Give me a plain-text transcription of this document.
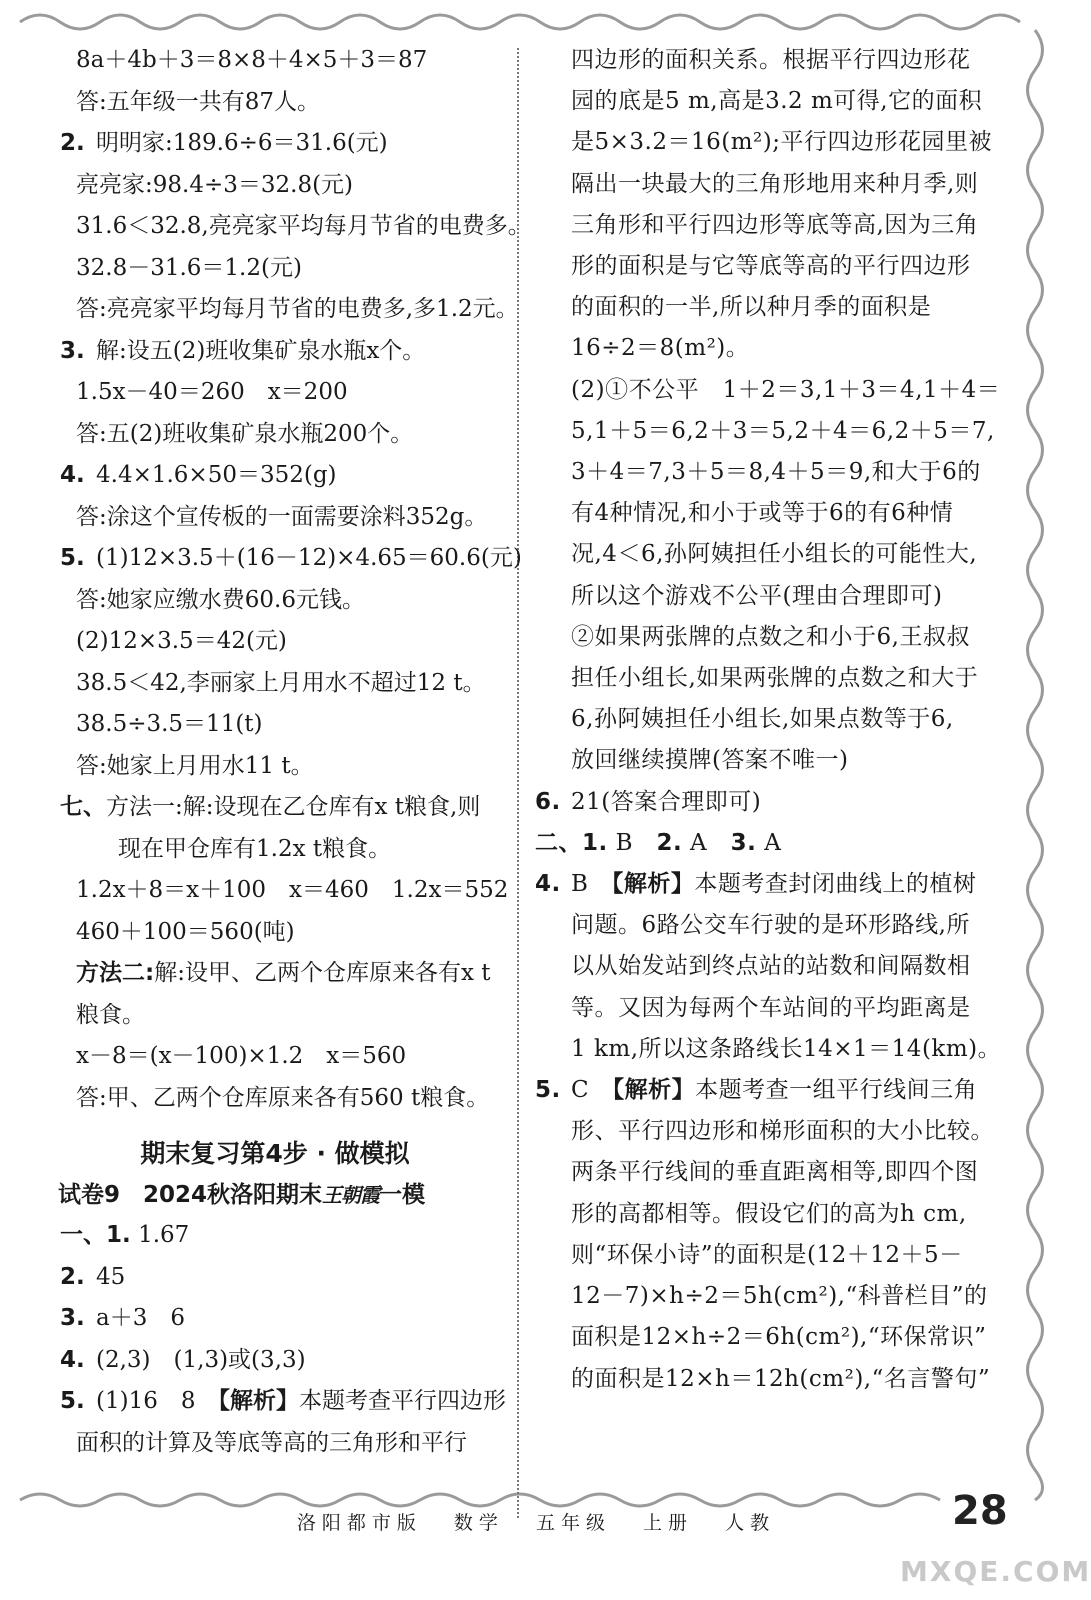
8a＋4b＋3＝8×8＋4×5＋3＝87
答:五年级一共有87人。
2. 明明家:189.6÷6＝31.6(元)
亮亮家:98.4÷3＝32.8(元)
31.6＜32.8,亮亮家平均每月节省的电费多。
32.8－31.6＝1.2(元)
答:亮亮家平均每月节省的电费多,多1.2元。
3. 解:设五(2)班收集矿泉水瓶x个。
1.5x－40＝260　x＝200
答:五(2)班收集矿泉水瓶200个。
4. 4.4×1.6×50＝352(g)
答:涂这个宣传板的一面需要涂料352g。
5. (1)12×3.5＋(16－12)×4.65＝60.6(元)
答:她家应缴水费60.6元钱。
(2)12×3.5＝42(元)
38.5＜42,李丽家上月用水不超过12 t。
38.5÷3.5＝11(t)
答:她家上月用水11 t。
七、方法一:解:设现在乙仓库有x t粮食,则
现在甲仓库有1.2x t粮食。
1.2x＋8＝x＋100　x＝460　1.2x＝552
460＋100＝560(吨)
方法二:解:设甲、乙两个仓库原来各有x t
粮食。
x－8＝(x－100)×1.2　x＝560
答:甲、乙两个仓库原来各有560 t粮食。
期末复习第4步 · 做模拟
试卷9　2024秋洛阳期末王朝霞一模
一、1. 1.67
2. 45
3. a＋3　6
4. (2,3)　(1,3)或(3,3)
5. (1)16　8　【解析】本题考查平行四边形
面积的计算及等底等高的三角形和平行
四边形的面积关系。根据平行四边形花
园的底是5 m,高是3.2 m可得,它的面积
是5×3.2＝16(m²);平行四边形花园里被
隔出一块最大的三角形地用来种月季,则
三角形和平行四边形等底等高,因为三角
形的面积是与它等底等高的平行四边形
的面积的一半,所以种月季的面积是
16÷2＝8(m²)。
(2)①不公平　1＋2＝3,1＋3＝4,1＋4＝
5,1＋5＝6,2＋3＝5,2＋4＝6,2＋5＝7,
3＋4＝7,3＋5＝8,4＋5＝9,和大于6的
有4种情况,和小于或等于6的有6种情
况,4＜6,孙阿姨担任小组长的可能性大,
所以这个游戏不公平(理由合理即可)
②如果两张牌的点数之和小于6,王叔叔
担任小组长,如果两张牌的点数之和大于
6,孙阿姨担任小组长,如果点数等于6,
放回继续摸牌(答案不唯一)
6. 21(答案合理即可)
二、1. B　2. A　3. A
4. B　【解析】本题考查封闭曲线上的植树
问题。6路公交车行驶的是环形路线,所
以从始发站到终点站的站数和间隔数相
等。又因为每两个车站间的平均距离是
1 km,所以这条路线长14×1＝14(km)。
5. C　【解析】本题考查一组平行线间三角
形、平行四边形和梯形面积的大小比较。
两条平行线间的垂直距离相等,即四个图
形的高都相等。假设它们的高为h cm,
则“环保小诗”的面积是(12＋12＋5－
12－7)×h÷2＝5h(cm²),“科普栏目”的
面积是12×h÷2＝6h(cm²),“环保常识”
的面积是12×h＝12h(cm²),“名言警句”
洛阳都市版 数学 五年级 上册 人教	28
MXQE.COM
